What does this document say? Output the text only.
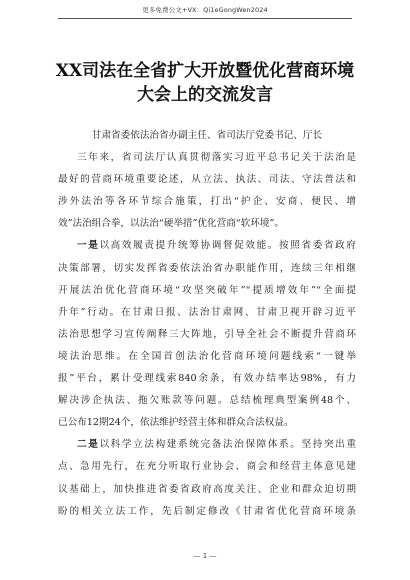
更多免费公文+VX：Qi1eGongWen2024
XX司法在全省扩大开放暨优化营商环境
大会上的交流发言
甘肃省委依法治省办副主任、省司法厅党委书记、厅长
三年来，省司法厅认真贯彻落实习近平总书记关于法治是
最好的营商环境重要论述，从立法、执法、司法、守法普法和
涉外法治等各环节综合施策，打出“护企、安商、便民、增
效”法治组合拳，以法治“硬举措”优化营商“软环境”。
一是以高效履责提升统筹协调督促效能。按照省委省政府
决策部署，切实发挥省委依法治省办职能作用，连续三年相继
开展法治优化营商环境“攻坚突破年”“提质增效年”“全面提
升年”行动。在甘肃日报、法治甘肃网、甘肃卫视开辟习近平
法治思想学习宣传阐释三大阵地，引导全社会不断提升营商环
境法治思维。在全国首创法治化营商环境问题线索“一键举
报”平台，累计受理线索840余条，有效办结率达98%，有力
解决涉企执法、拖欠账款等问题。总结梳理典型案例48个、
已公布12期24个，依法维护经营主体和群众合法权益。
二是以科学立法构建系统完备法治保障体系。坚持突出重
点、急用先行，在充分听取行业协会、商会和经营主体意见建
议基础上，加快推进省委省政府高度关注、企业和群众迫切期
盼的相关立法工作，先后制定修改《甘肃省优化营商环境条
— 1 —
